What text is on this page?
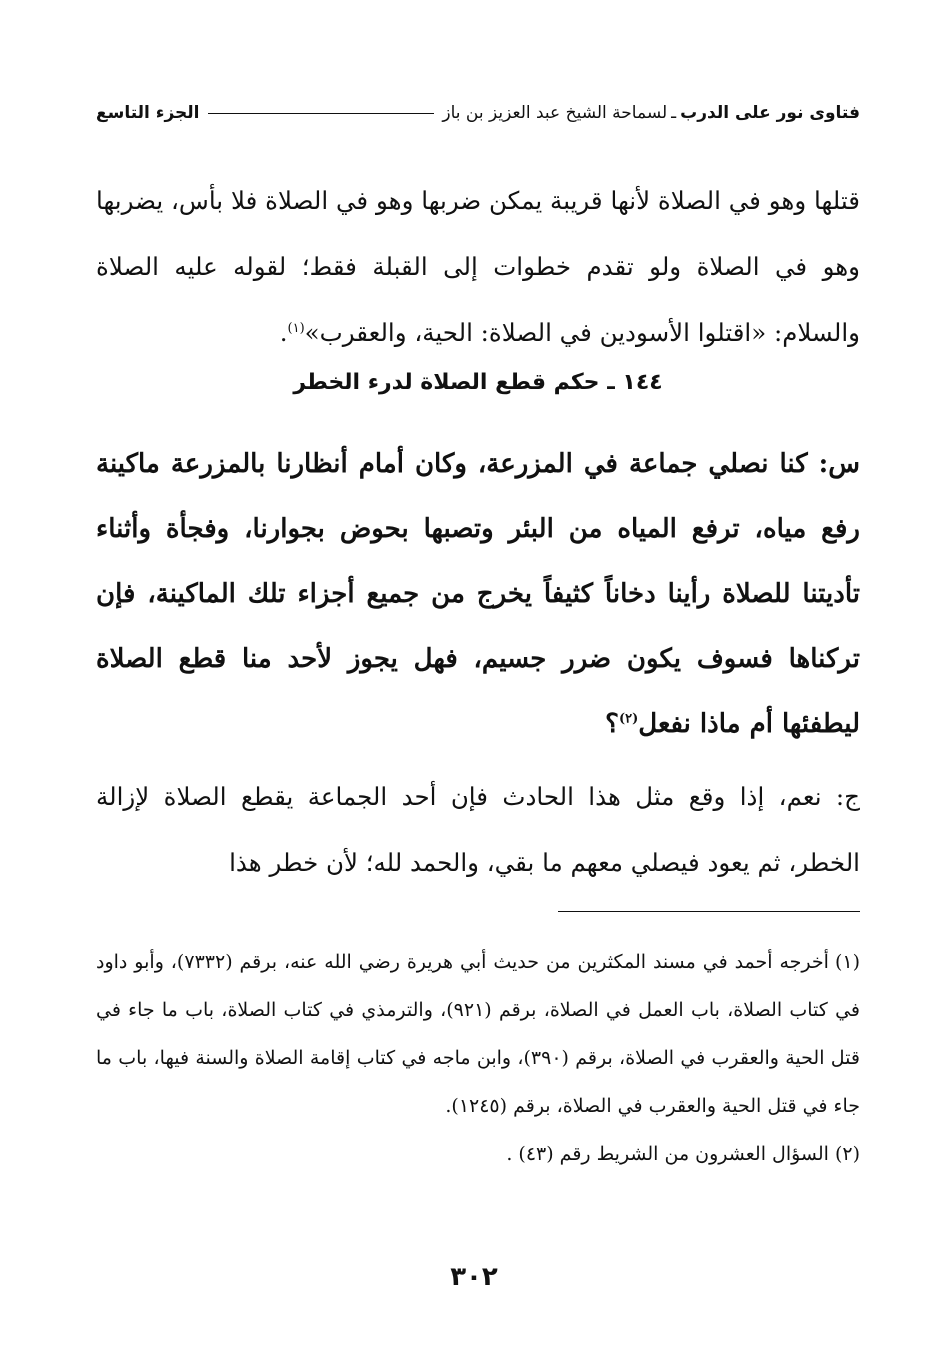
فتاوى نور على الدرب
ـ
لسماحة الشيخ عبد العزيز بن باز
الجزء التاسع
قتلها وهو في الصلاة لأنها قريبة يمكن ضربها وهو في الصلاة فلا بأس، يضربها وهو في الصلاة ولو تقدم خطوات إلى القبلة فقط؛ لقوله عليه الصلاة والسلام: «اقتلوا الأسودين في الصلاة: الحية، والعقرب»$^{(١)}$.
١٤٤ ـ حكم قطع الصلاة لدرء الخطر
س: كنا نصلي جماعة في المزرعة، وكان أمام أنظارنا بالمزرعة ماكينة رفع مياه، ترفع المياه من البئر وتصبها بحوض بجوارنا، وفجأة وأثناء تأديتنا للصلاة رأينا دخاناً كثيفاً يخرج من جميع أجزاء تلك الماكينة، فإن تركناها فسوف يكون ضرر جسيم، فهل يجوز لأحد منا قطع الصلاة ليطفئها أم ماذا نفعل$^{(٢)}$؟
ج: نعم، إذا وقع مثل هذا الحادث فإن أحد الجماعة يقطع الصلاة لإزالة الخطر، ثم يعود فيصلي معهم ما بقي، والحمد لله؛ لأن خطر هذا

(١)أخرجه أحمد في مسند المكثرين من حديث أبي هريرة رضي الله عنه، برقم (٧٣٣٢)، وأبو داود في كتاب الصلاة، باب العمل في الصلاة، برقم (٩٢١)، والترمذي في كتاب الصلاة، باب ما جاء في قتل الحية والعقرب في الصلاة، برقم (٣٩٠)، وابن ماجه في كتاب إقامة الصلاة والسنة فيها، باب ما جاء في قتل الحية والعقرب في الصلاة، برقم (١٢٤٥).

(٢)السؤال العشرون من الشريط رقم (٤٣) .

٣٠٢
